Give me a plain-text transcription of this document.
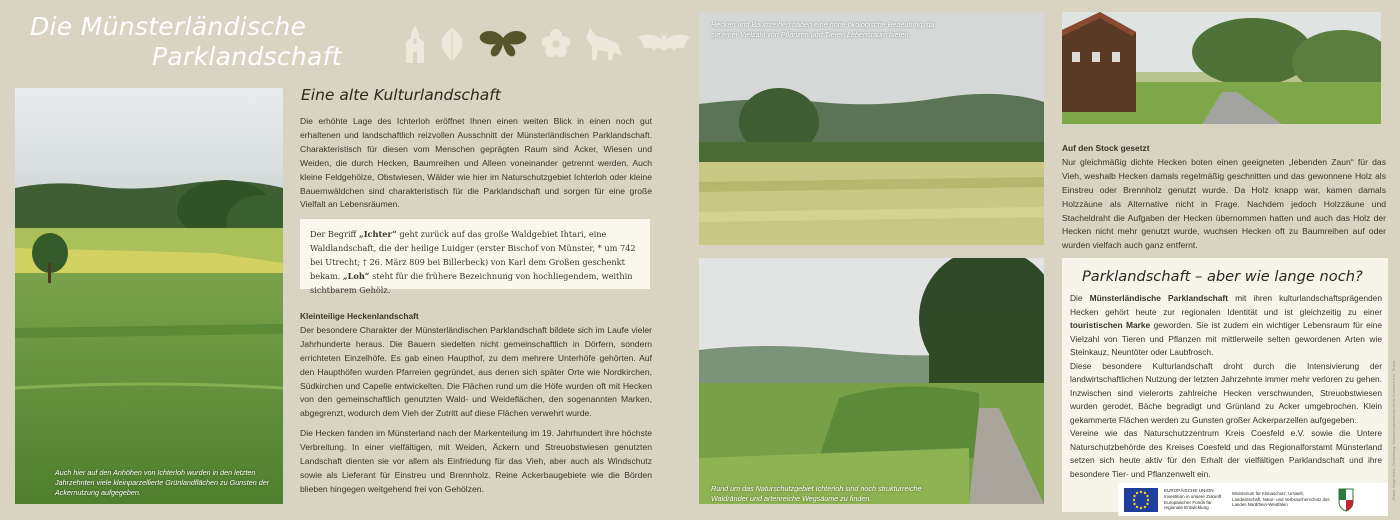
Die Münsterländische
Parklandschaft
Auch hier auf den Anhöhen von Ichterloh wurden in den letzten Jahrzehnten viele kleinparzellierte Grünlandflächen zu Gunsten der Ackernutzung aufgegeben.
Eine alte Kulturlandschaft
Die erhöhte Lage des Ichterloh eröffnet Ihnen einen weiten Blick in einen noch gut erhaltenen und landschaftlich reizvollen Ausschnitt der Münsterländischen Parklandschaft. Charakteristisch für diesen vom Menschen geprägten Raum sind Äcker, Wiesen und Weiden, die durch Hecken, Baumreihen und Alleen voneinander getrennt werden. Auch kleine Feldgehölze, Obstwiesen, Wälder wie hier im Naturschutzgebiet Ichterloh oder kleine Bauernwäldchen sind charakteristisch für die Parklandschaft und sorgen für eine große Vielfalt an Lebensräumen.
Der Begriff „Ichter“ geht zurück auf das große Waldgebiet Ihtari, eine Waldlandschaft, die der heilige Luidger (erster Bischof von Münster, * um 742 bei Utrecht; † 26. März 809 bei Billerbeck) von Karl dem Großen geschenkt bekam. „Loh“ steht für die frühere Bezeichnung von hochliegendem, weithin sichtbarem Gehölz.
Kleinteilige Heckenlandschaft

Der besondere Charakter der Münsterländischen Parklandschaft bildete sich im Laufe vieler Jahrhunderte heraus. Die Bauern siedelten nicht gemeinschaftlich in Dörfern, sondern errichteten Einzelhöfe. Es gab einen Haupthof, zu dem mehrere Unterhöfe gehörten. Auf den Haupthöfen wurden Pfarreien gegründet, aus denen sich später Orte wie Nordkirchen, Südkirchen und Capelle entwickelten. Die Flächen rund um die Höfe wurden oft mit Hecken von den gemeinschaftlich genutzten Wald- und Weideflächen, den sogenannten Marken, abgegrenzt, wodurch dem Vieh der Zutritt auf diese Flächen verwehrt wurde.

Die Hecken fanden im Münsterland nach der Markenteilung im 19. Jahrhundert ihre höchste Verbreitung. In einer vielfältigen, mit Weiden, Äckern und Streuobstwiesen genutzten Landschaft dienten sie vor allem als Einfriedung für das Vieh, aber auch als Windschutz sowie als Lieferant für Einstreu und Brennholz. Reine Ackerbaugebiete wie die Börden blieben hingegen weitgehend frei von Gehölzen.

Hecken und Baumreihen haben eine hohe ökologische Bedeutung, da sie einer Vielzahl von Pflanzen und Tieren Lebensraum bieten.
Rund um das Naturschutzgebiet Ichterloh sind noch strukturreiche Waldränder und artenreiche Wegsäume zu finden.
Auf den Stock gesetzt

Nur gleichmäßig dichte Hecken boten einen geeigneten „lebenden Zaun“ für das Vieh, weshalb Hecken damals regelmäßig geschnitten und das gewonnene Holz als Einstreu oder Brennholz genutzt wurde. Da Holz knapp war, kamen damals Holzzäune als Alternative nicht in Frage. Nachdem jedoch Holzzäune und Stacheldraht die Aufgaben der Hecken übernommen hatten und auch das Holz der Hecken nicht mehr genutzt wurde, wuchsen Hecken oft zu Baumreihen auf oder wurden vielfach auch ganz entfernt.

Parklandschaft – aber wie lange noch?

Die Münsterländische Parklandschaft mit ihren kulturlandschaftsprägenden Hecken gehört heute zur regionalen Identität und ist gleichzeitig zu einer touristischen Marke geworden. Sie ist zudem ein wichtiger Lebensraum für eine Vielzahl von Tieren und Pflanzen mit mittlerweile selten gewordenen Arten wie Steinkauz, Neuntöter oder Laubfrosch.

Diese besondere Kulturlandschaft droht durch die Intensivierung der landwirtschaftlichen Nutzung der letzten Jahrzehnte immer mehr verloren zu gehen. Inzwischen sind vielerorts zahlreiche Hecken verschwunden, Streuobstwiesen wurden gerodet, Bäche begradigt und Grünland zu Acker umgebrochen. Klein gekammerte Flächen werden zu Gunsten großer Ackerparzellen aufgegeben.

Vereine wie das Naturschutzzentrum Kreis Coesfeld e.V. sowie die Untere Naturschutzbehörde des Kreises Coesfeld und das Regionalforstamt Münsterland setzen sich heute aktiv für den Erhalt der vielfältigen Parklandschaft und ihre besondere Tier- und Pflanzenwelt ein.	Fotos: Birgit Kürtz, Gestaltung: Naturschutzzentrum Kreis Coesfeld e.V., Druck: ...
EUROPÄISCHE UNION Investition in unsere Zukunft Europäischer Fonds für regionale Entwicklung
Ministerium für Klimaschutz, Umwelt, Landwirtschaft, Natur- und Verbraucherschutz des Landes Nordrhein-Westfalen
